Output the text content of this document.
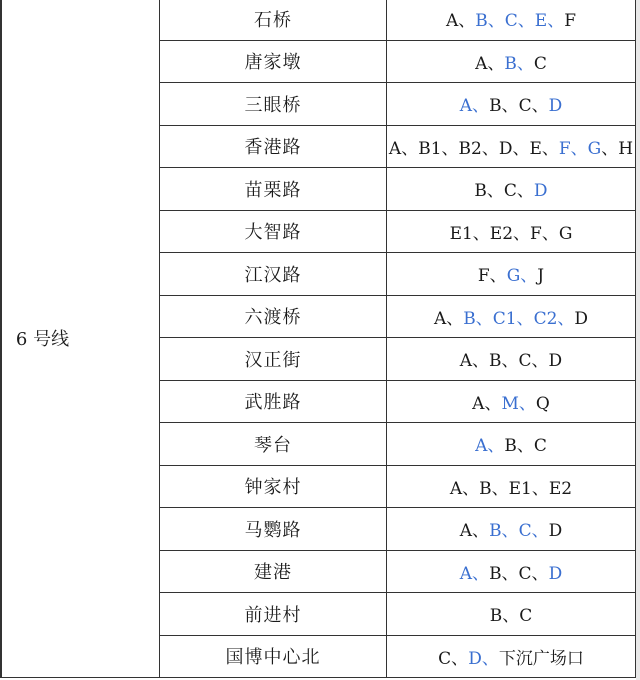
6 号线	石桥	A、B、C、E、F
	唐家墩	A、B、C
	三眼桥	A、B、C、D
	香港路	A、B1、B2、D、E、F、G、H
	苗栗路	B、C、D
	大智路	E1、E2、F、G
	江汉路	F、G、J
	六渡桥	A、B、C1、C2、D
	汉正街	A、B、C、D
	武胜路	A、M、Q
	琴台	A、B、C
	钟家村	A、B、E1、E2
	马鹦路	A、B、C、D
	建港	A、B、C、D
	前进村	B、C
	国博中心北	C、D、下沉广场口
